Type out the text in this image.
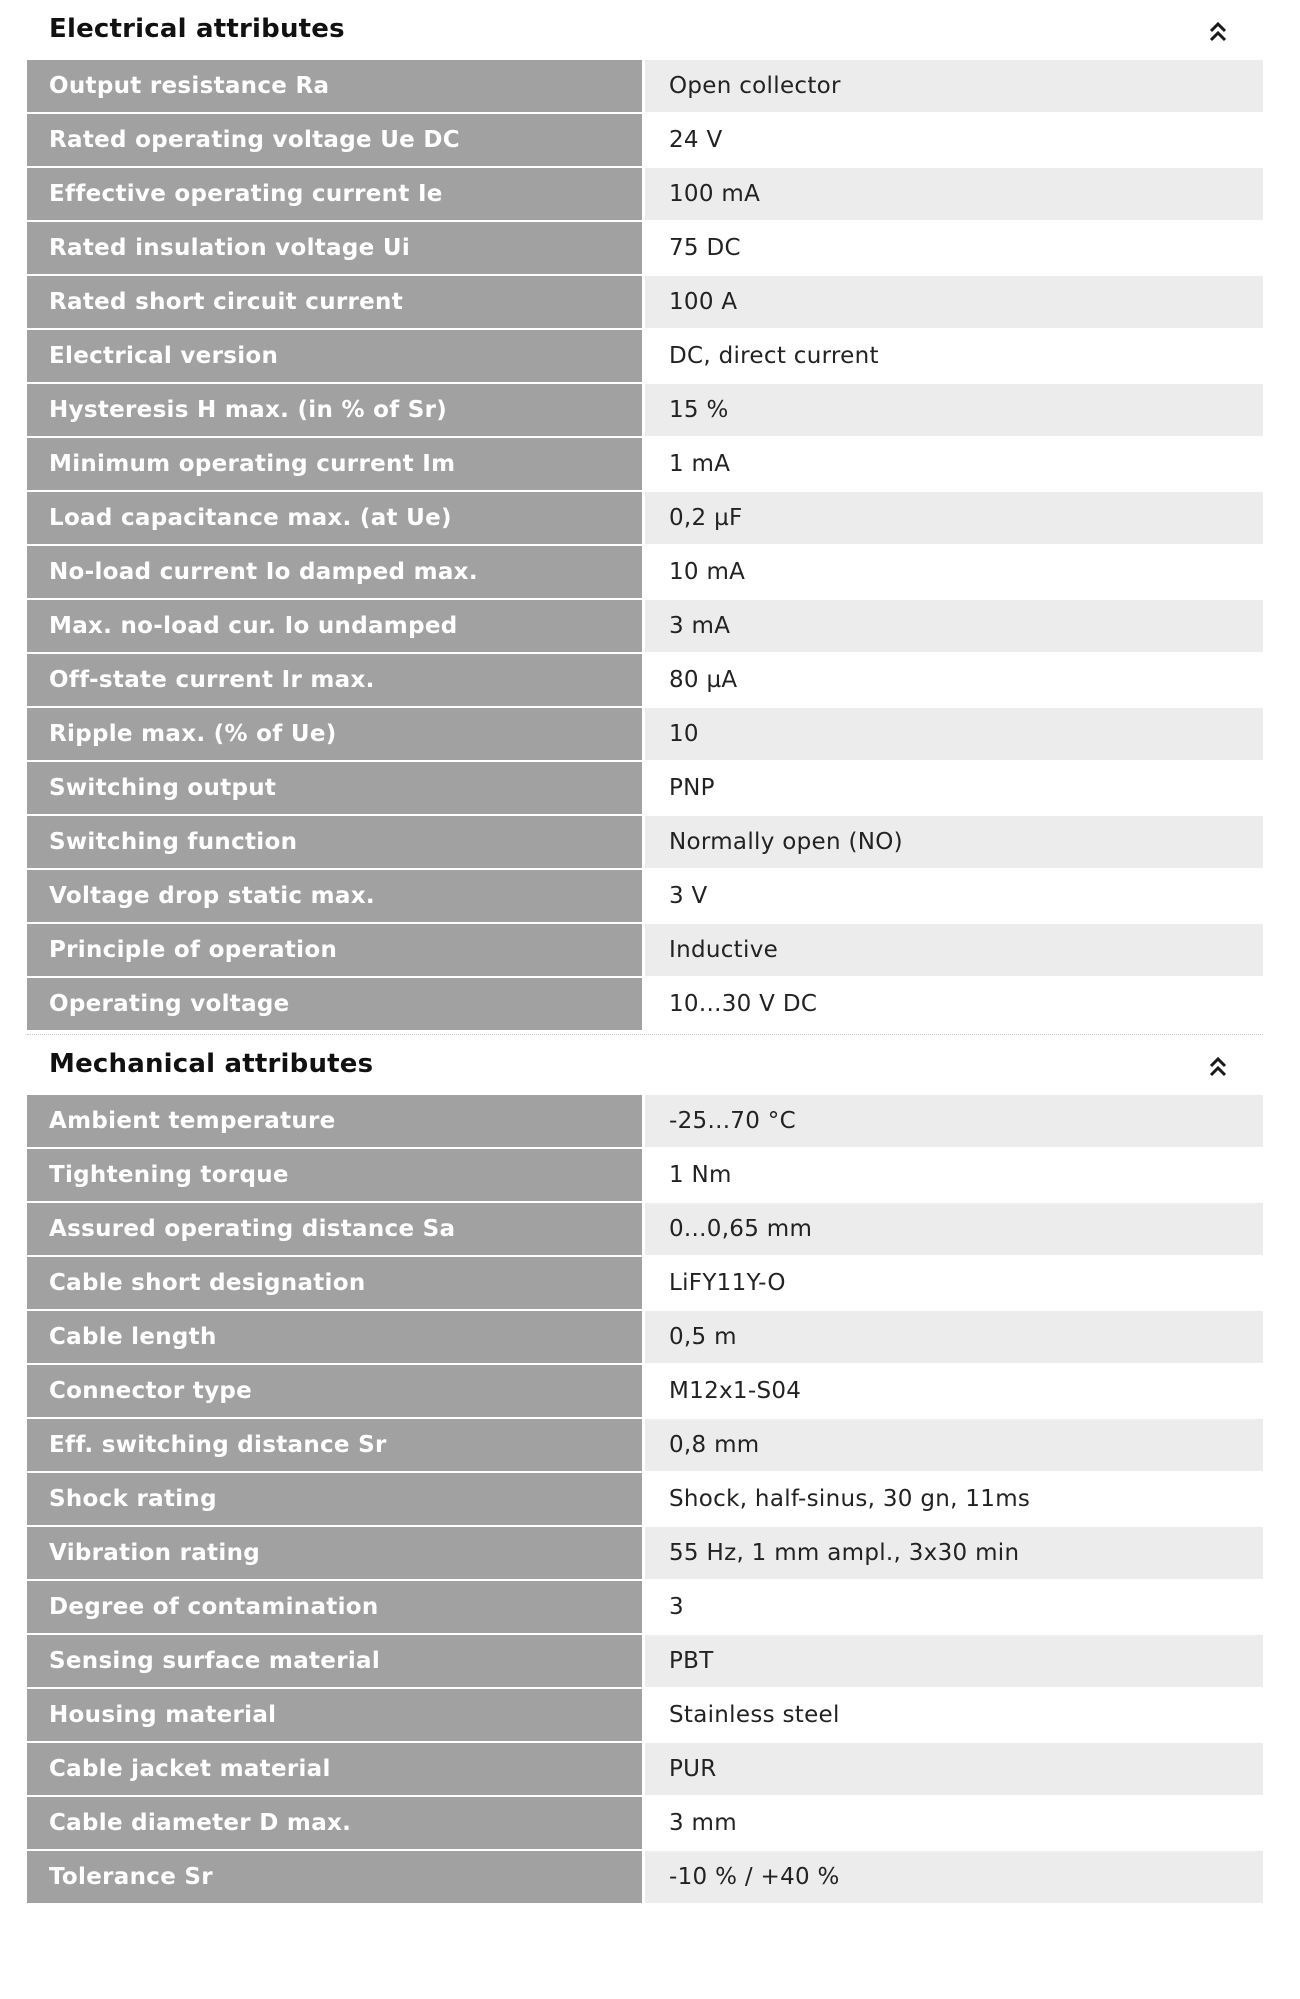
Electrical attributes
Output resistance Ra	Open collector
Rated operating voltage Ue DC	24 V
Effective operating current Ie	100 mA
Rated insulation voltage Ui	75 DC
Rated short circuit current	100 A
Electrical version	DC, direct current
Hysteresis H max. (in % of Sr)	15 %
Minimum operating current Im	1 mA
Load capacitance max. (at Ue)	0,2 µF
No-load current Io damped max.	10 mA
Max. no-load cur. Io undamped	3 mA
Off-state current Ir max.	80 µA
Ripple max. (% of Ue)	10
Switching output	PNP
Switching function	Normally open (NO)
Voltage drop static max.	3 V
Principle of operation	Inductive
Operating voltage	10...30 V DC
Mechanical attributes
Ambient temperature	-25...70 °C
Tightening torque	1 Nm
Assured operating distance Sa	0...0,65 mm
Cable short designation	LiFY11Y-O
Cable length	0,5 m
Connector type	M12x1-S04
Eff. switching distance Sr	0,8 mm
Shock rating	Shock, half-sinus, 30 gn, 11ms
Vibration rating	55 Hz, 1 mm ampl., 3x30 min
Degree of contamination	3
Sensing surface material	PBT
Housing material	Stainless steel
Cable jacket material	PUR
Cable diameter D max.	3 mm
Tolerance Sr	-10 % / +40 %
